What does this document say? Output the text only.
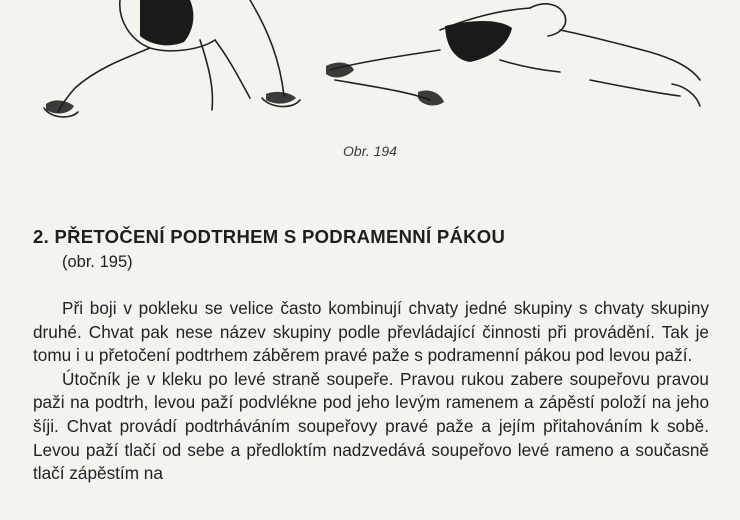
Obr. 194

2. PŘETOČENÍ PODTRHEM S PODRAMENNÍ PÁKOU
(obr. 195)

Při boji v pokleku se velice často kombinují chvaty jedné skupiny s chvaty skupiny druhé. Chvat pak nese název skupiny podle převládající činnosti při provádění. Tak je tomu i u přetočení podtrhem záběrem pravé paže s podramenní pákou pod levou paží.

Útočník je v kleku po levé straně soupeře. Pravou rukou zabere soupeřovu pravou paži na podtrh, levou paží podvlékne pod jeho levým ramenem a zápěstí položí na jeho šíji. Chvat provádí podtrháváním soupeřovy pravé paže a jejím přitahováním k sobě. Levou paží tlačí od sebe a předloktím nadzvedává soupeřovo levé rameno a současně tlačí zápěstím na
